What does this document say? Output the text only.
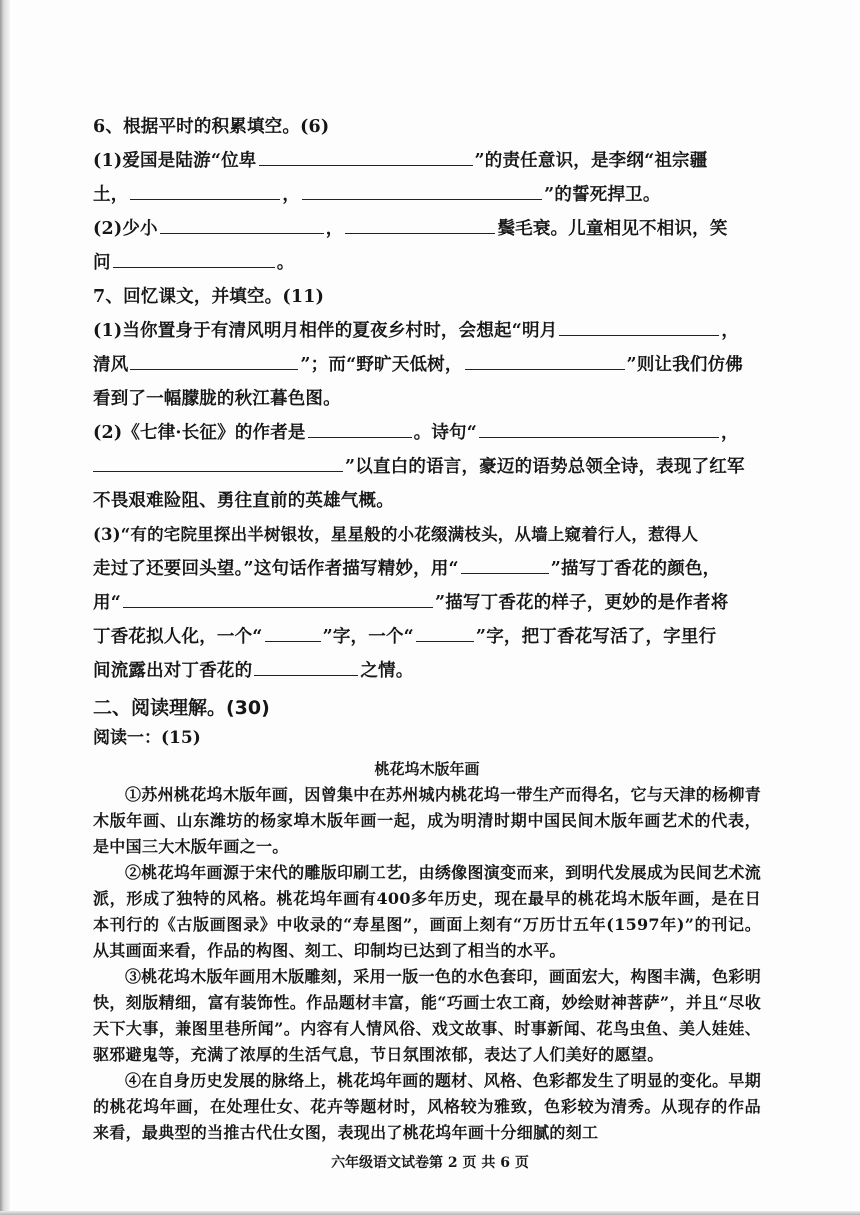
6、根据平时的积累填空。(6)
(1)爱国是陆游“位卑	”的责任意识，是李纲“祖宗疆
土，	，	”的誓死捍卫。
(2)少小	，	鬓毛衰。儿童相见不相识，笑
问	。
7、回忆课文，并填空。(11)
(1)当你置身于有清风明月相伴的夏夜乡村时，会想起“明月	，
清风	”；而“野旷天低树，	”则让我们仿佛
看到了一幅朦胧的秋江暮色图。
(2)《七律·长征》的作者是	。诗句“	，
”以直白的语言，豪迈的语势总领全诗，表现了红军
不畏艰难险阻、勇往直前的英雄气概。
(3)“有的宅院里探出半树银妆，星星般的小花缀满枝头，从墙上窥着行人，惹得人
走过了还要回头望。”这句话作者描写精妙，用“	”描写丁香花的颜色，
用“	”描写丁香花的样子，更妙的是作者将
丁香花拟人化，一个“	”字，一个“	”字，把丁香花写活了，字里行
间流露出对丁香花的	之情。
二、阅读理解。(30)
阅读一：(15)
桃花坞木版年画
①苏州桃花坞木版年画，因曾集中在苏州城内桃花坞一带生产而得名，它与天津的杨柳青木版年画、山东潍坊的杨家埠木版年画一起，成为明清时期中国民间木版年画艺术的代表，是中国三大木版年画之一。
②桃花坞年画源于宋代的雕版印刷工艺，由绣像图演变而来，到明代发展成为民间艺术流派，形成了独特的风格。桃花坞年画有400多年历史，现在最早的桃花坞木版年画，是在日本刊行的《古版画图录》中收录的“寿星图”，画面上刻有“万历廿五年(1597年)”的刊记。从其画面来看，作品的构图、刻工、印制均已达到了相当的水平。
③桃花坞木版年画用木版雕刻，采用一版一色的水色套印，画面宏大，构图丰满，色彩明快，刻版精细，富有装饰性。作品题材丰富，能“巧画士农工商，妙绘财神菩萨”，并且“尽收天下大事，兼图里巷所闻”。内容有人情风俗、戏文故事、时事新闻、花鸟虫鱼、美人娃娃、驱邪避鬼等，充满了浓厚的生活气息，节日氛围浓郁，表达了人们美好的愿望。
④在自身历史发展的脉络上，桃花坞年画的题材、风格、色彩都发生了明显的变化。早期的桃花坞年画，在处理仕女、花卉等题材时，风格较为雅致，色彩较为清秀。从现存的作品来看，最典型的当推古代仕女图，表现出了桃花坞年画十分细腻的刻工
六年级语文试卷第 2 页 共 6 页
